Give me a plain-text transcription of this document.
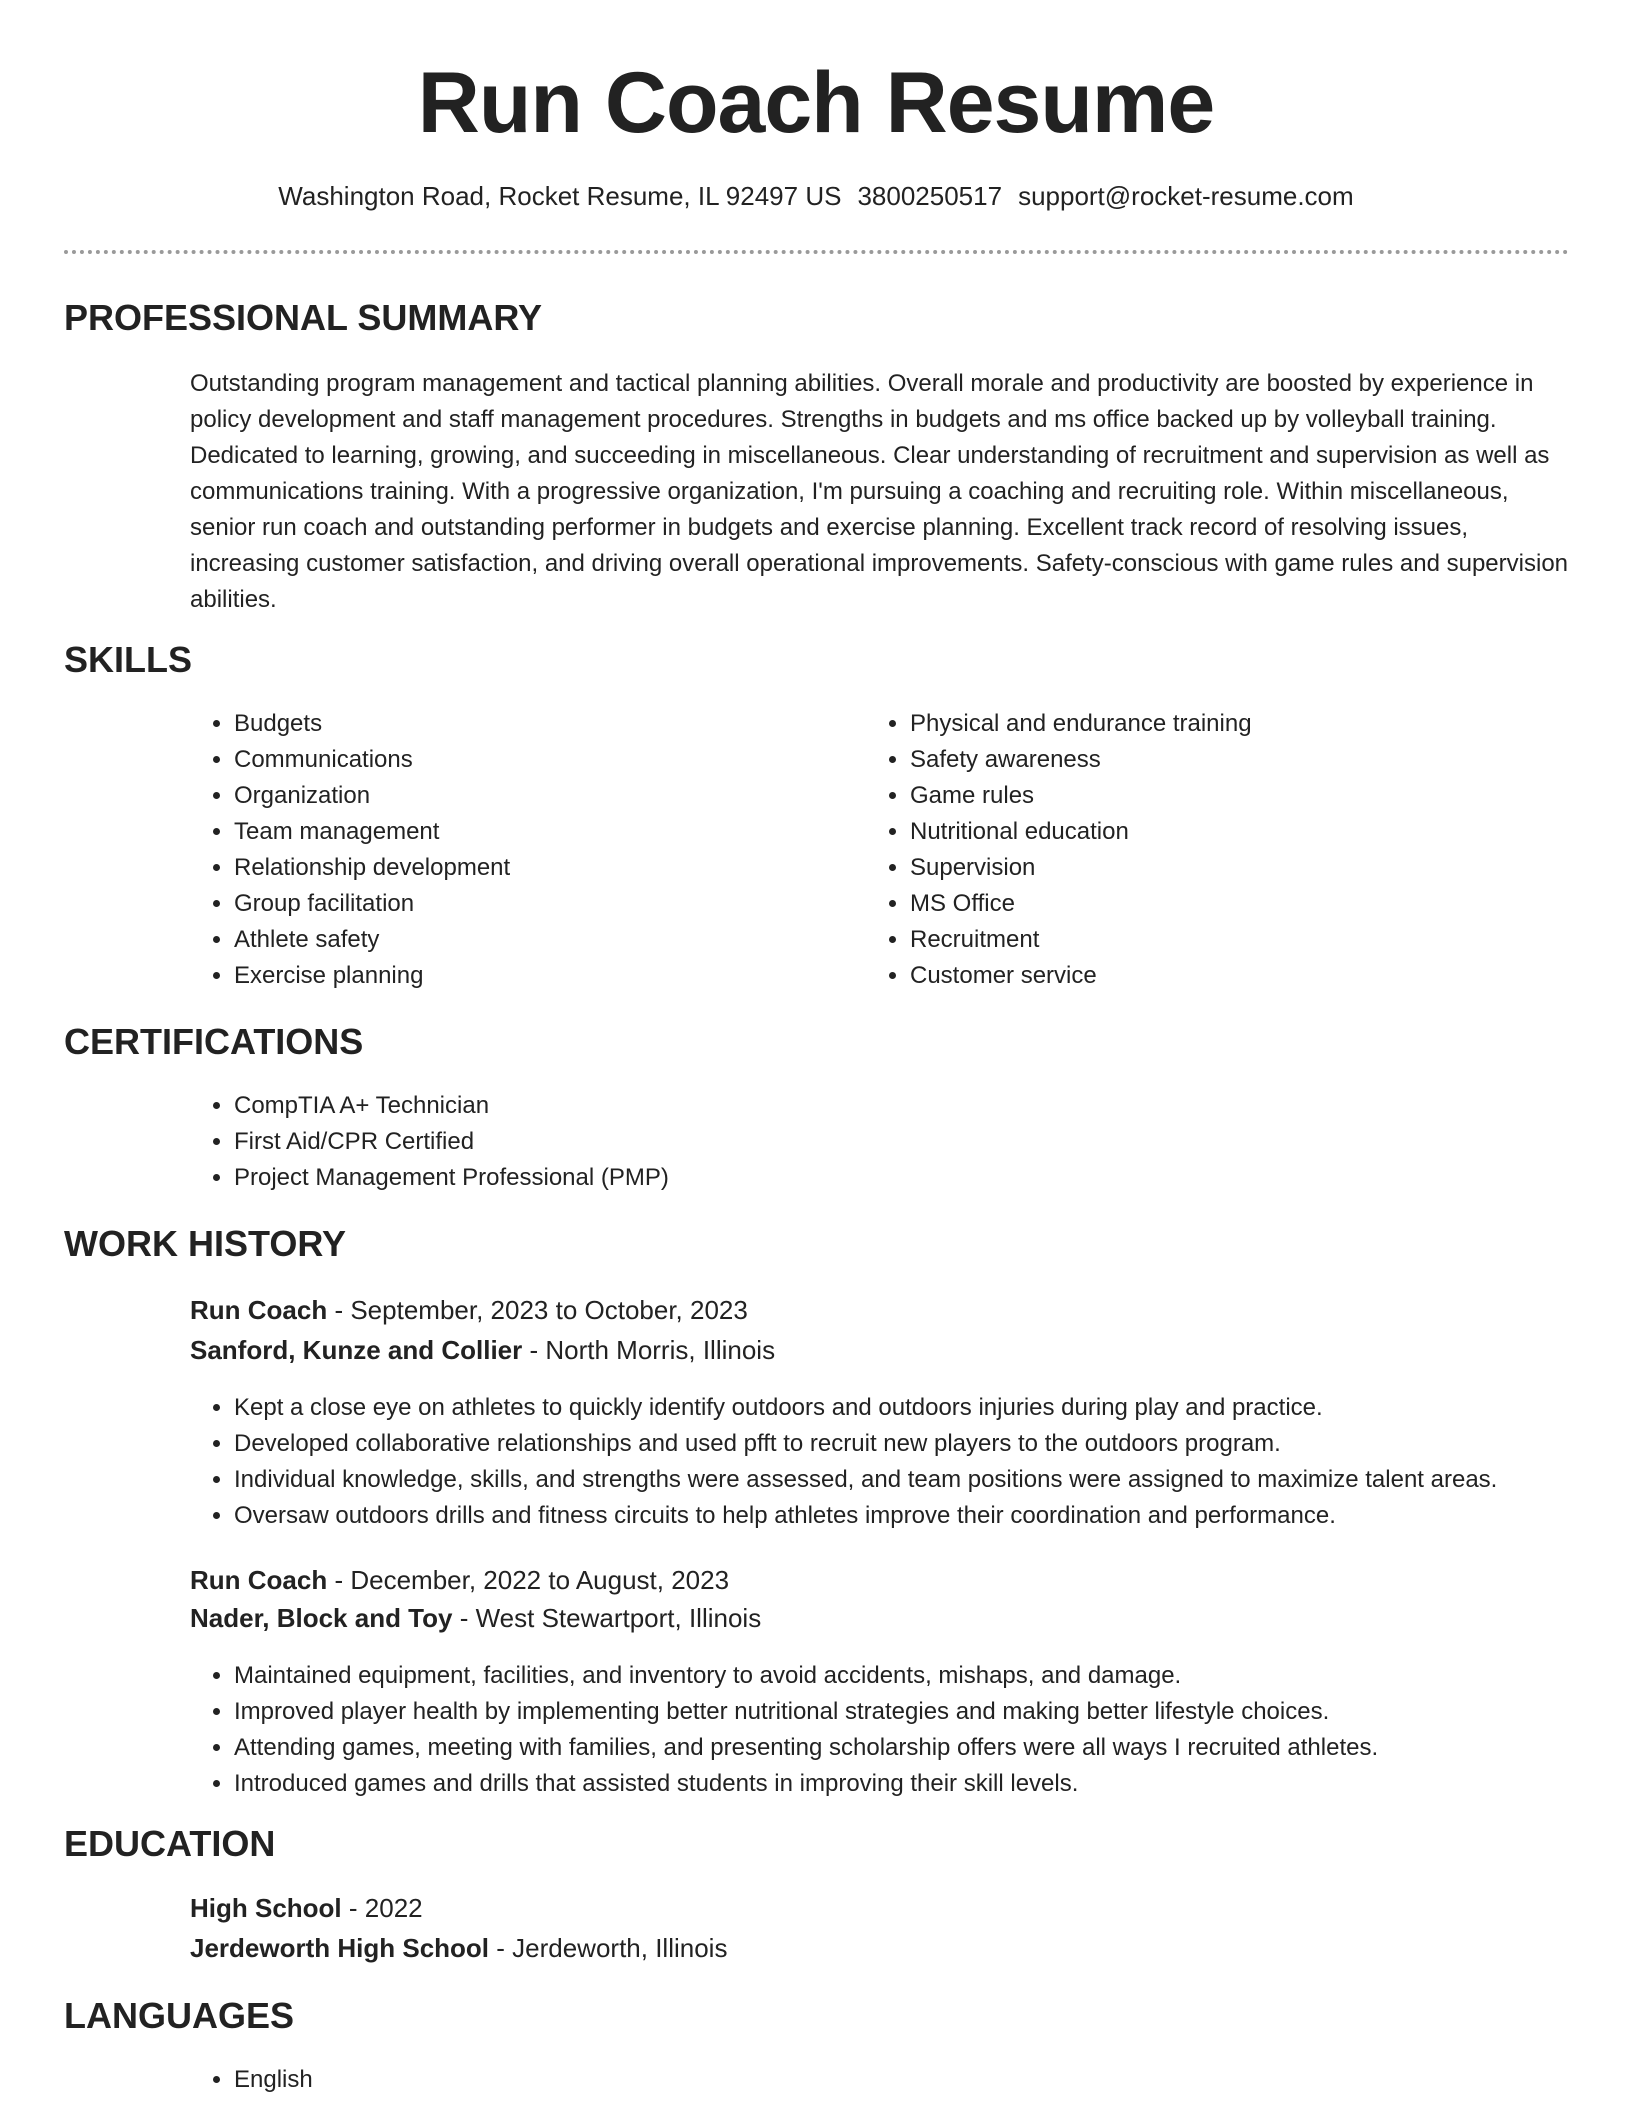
Run Coach Resume
Washington Road, Rocket Resume, IL 92497 US 3800250517 support@rocket-resume.com
PROFESSIONAL SUMMARY

Outstanding program management and tactical planning abilities. Overall morale and productivity are boosted by experience in policy development and staff management procedures. Strengths in budgets and ms office backed up by volleyball training. Dedicated to learning, growing, and succeeding in miscellaneous. Clear understanding of recruitment and supervision as well as communications training. With a progressive organization, I'm pursuing a coaching and recruiting role. Within miscellaneous, senior run coach and outstanding performer in budgets and exercise planning. Excellent track record of resolving issues, increasing customer satisfaction, and driving overall operational improvements. Safety-conscious with game rules and supervision abilities.

SKILLS
• Budgets
• Communications
• Organization
• Team management
• Relationship development
• Group facilitation
• Athlete safety
• Exercise planning
• Physical and endurance training
• Safety awareness
• Game rules
• Nutritional education
• Supervision
• MS Office
• Recruitment
• Customer service
CERTIFICATIONS
• CompTIA A+ Technician
• First Aid/CPR Certified
• Project Management Professional (PMP)
WORK HISTORY
Run Coach - September, 2023 to October, 2023
Sanford, Kunze and Collier - North Morris, Illinois
• Kept a close eye on athletes to quickly identify outdoors and outdoors injuries during play and practice.
• Developed collaborative relationships and used pfft to recruit new players to the outdoors program.
• Individual knowledge, skills, and strengths were assessed, and team positions were assigned to maximize talent areas.
• Oversaw outdoors drills and fitness circuits to help athletes improve their coordination and performance.
Run Coach - December, 2022 to August, 2023
Nader, Block and Toy - West Stewartport, Illinois
• Maintained equipment, facilities, and inventory to avoid accidents, mishaps, and damage.
• Improved player health by implementing better nutritional strategies and making better lifestyle choices.
• Attending games, meeting with families, and presenting scholarship offers were all ways I recruited athletes.
• Introduced games and drills that assisted students in improving their skill levels.
EDUCATION
High School - 2022
Jerdeworth High School - Jerdeworth, Illinois
LANGUAGES
• English
